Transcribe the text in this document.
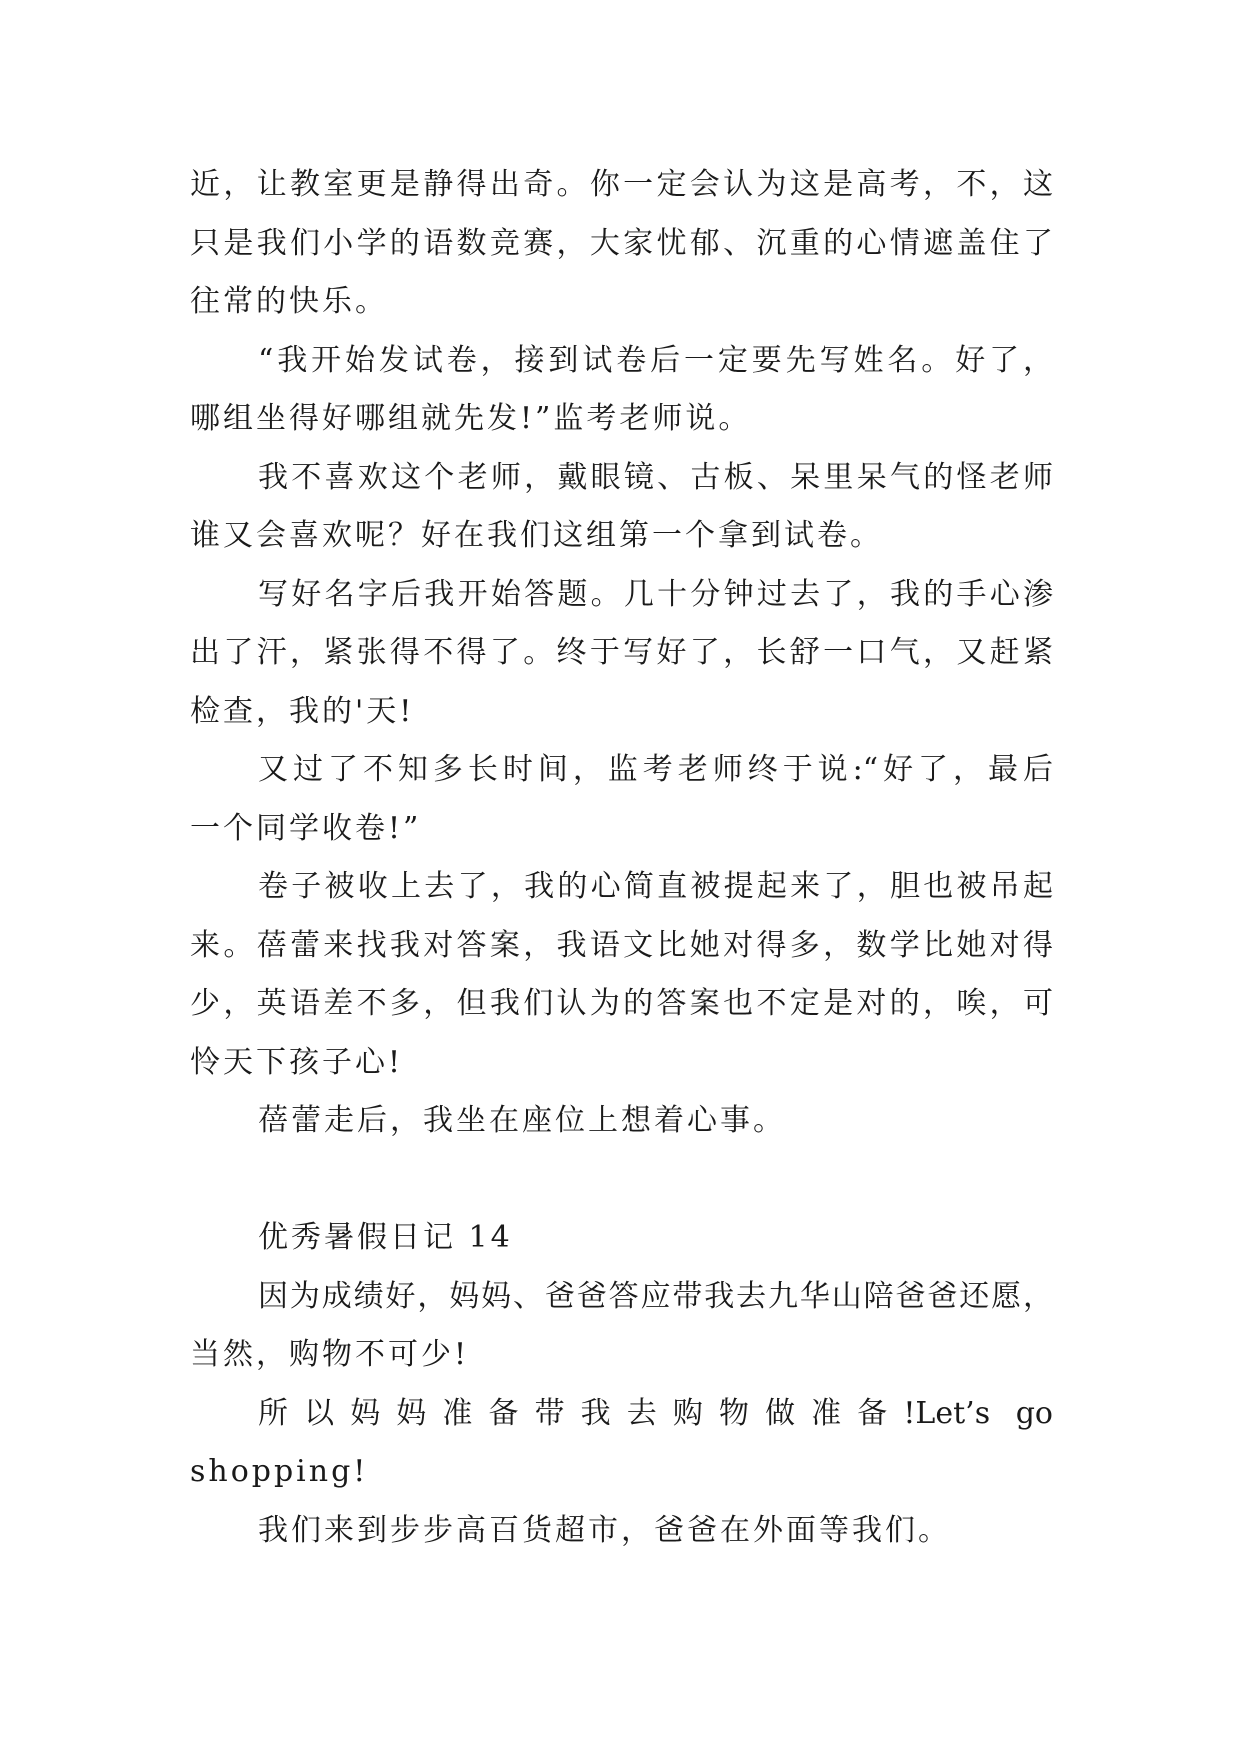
近，让教室更是静得出奇。你一定会认为这是高考，不，这
只是我们小学的语数竞赛，大家忧郁、沉重的心情遮盖住了
往常的快乐。
“我开始发试卷，接到试卷后一定要先写姓名。好了，
哪组坐得好哪组就先发!”监考老师说。
我不喜欢这个老师，戴眼镜、古板、呆里呆气的怪老师
谁又会喜欢呢？好在我们这组第一个拿到试卷。
写好名字后我开始答题。几十分钟过去了，我的手心渗
出了汗，紧张得不得了。终于写好了，长舒一口气，又赶紧
检查，我的'天!
又过了不知多长时间，监考老师终于说:“好了，最后
一个同学收卷!”
卷子被收上去了，我的心简直被提起来了，胆也被吊起
来。蓓蕾来找我对答案，我语文比她对得多，数学比她对得
少，英语差不多，但我们认为的答案也不定是对的，唉，可
怜天下孩子心!
蓓蕾走后，我坐在座位上想着心事。
优秀暑假日记 14
因为成绩好，妈妈、爸爸答应带我去九华山陪爸爸还愿，
当然，购物不可少!
所以妈妈准备带我去购物做准备!Let’s go
shopping!
我们来到步步高百货超市，爸爸在外面等我们。
